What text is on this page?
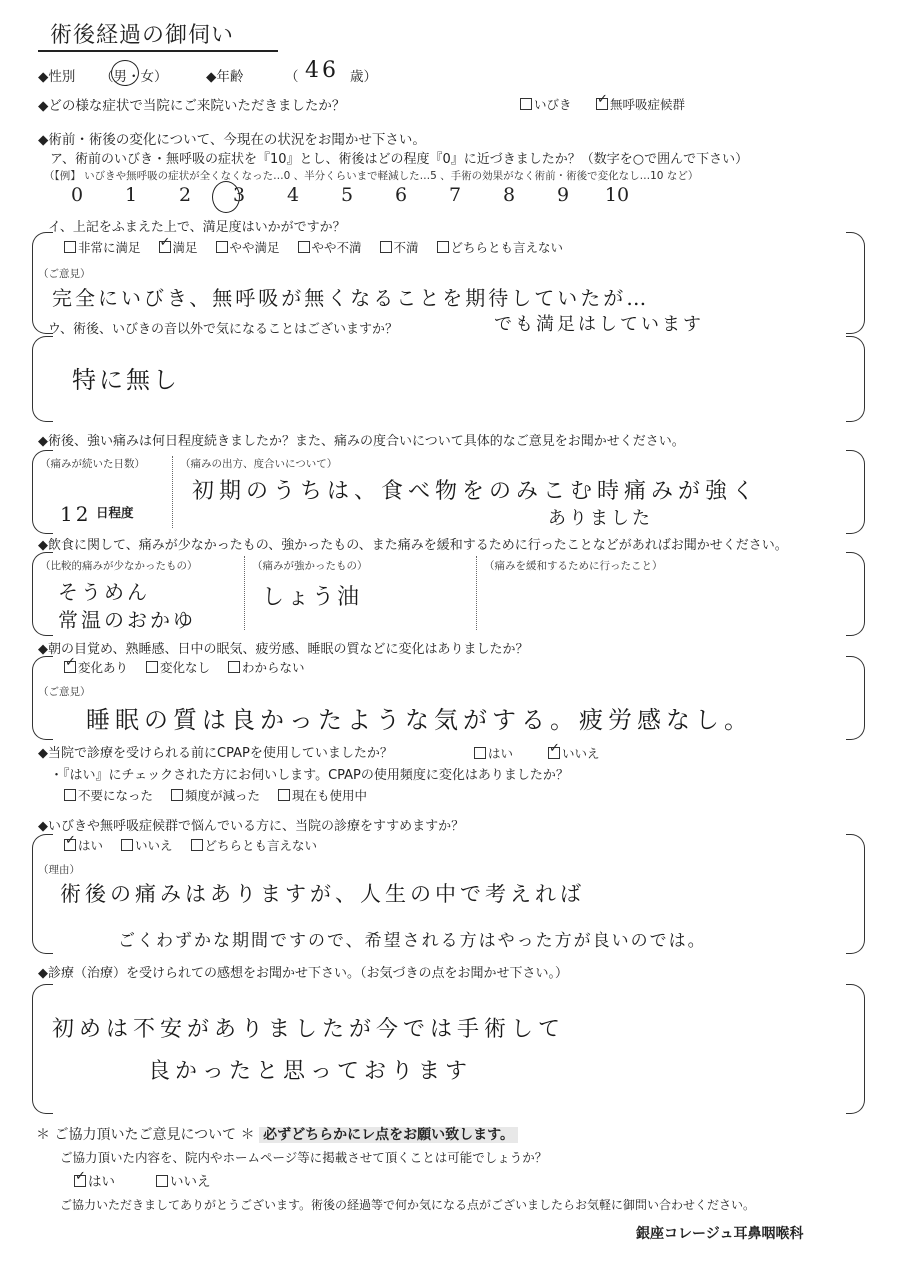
術後経過の御伺い
◆性別 （男・女）	◆年齢	（ 46 歳）
◆どの様な症状で当院にご来院いただきましたか？	いびき ✓	無呼吸症候群
◆術前・術後の変化について、今現在の状況をお聞かせ下さい。
ア、術前のいびき・無呼吸の症状を『10』とし、術後はどの程度『0』に近づきましたか？（数字を○で囲んで下さい）
（【例】 いびきや無呼吸の症状が全くなくなった…0 、半分くらいまで軽減した…5 、手術の効果がなく術前・術後で変化なし…10 など）
0 1 2 3 4 5 6 7 8 9 10
イ、上記をふまえた上で、満足度はいかがですか？
非常に満足 ✓	満足	やや満足	やや不満	不満	どちらとも言えない
（ご意見）
完全にいびき、無呼吸が無くなることを期待していたが…
でも満足はしています
ウ、術後、いびきの音以外で気になることはございますか？
特に無し
◆術後、強い痛みは何日程度続きましたか？また、痛みの度合いについて具体的なご意見をお聞かせください。
（痛みが続いた日数）
12 日程度
（痛みの出方、度合いについて）
初期のうちは、食べ物をのみこむ時痛みが強く
ありました
◆飲食に関して、痛みが少なかったもの、強かったもの、また痛みを緩和するために行ったことなどがあればお聞かせください。
（比較的痛みが少なかったもの）
そうめん
常温のおかゆ
（痛みが強かったもの）
しょう油
（痛みを緩和するために行ったこと）
◆朝の目覚め、熟睡感、日中の眠気、疲労感、睡眠の質などに変化はありましたか？
✓変化あり	変化なし	わからない
（ご意見）
睡眠の質は良かったような気がする。疲労感なし。
◆当院で診療を受けられる前にCPAPを使用していましたか？	はい ✓	いいえ
・『はい』にチェックされた方にお伺いします。CPAPの使用頻度に変化はありましたか？
不要になった	頻度が減った	現在も使用中
◆いびきや無呼吸症候群で悩んでいる方に、当院の診療をすすめますか？
✓はい	いいえ	どちらとも言えない
（理由）
術後の痛みはありますが、人生の中で考えれば
ごくわずかな期間ですので、希望される方はやった方が良いのでは。
◆診療（治療）を受けられての感想をお聞かせ下さい。（お気づきの点をお聞かせ下さい。）
初めは不安がありましたが今では手術して
良かったと思っております
＊ ご協力頂いたご意見について ＊ 必ずどちらかにレ点をお願い致します。
ご協力頂いた内容を、院内やホームページ等に掲載させて頂くことは可能でしょうか？
✓はい	いいえ
ご協力いただきましてありがとうございます。術後の経過等で何か気になる点がございましたらお気軽に御問い合わせください。
銀座コレージュ耳鼻咽喉科
